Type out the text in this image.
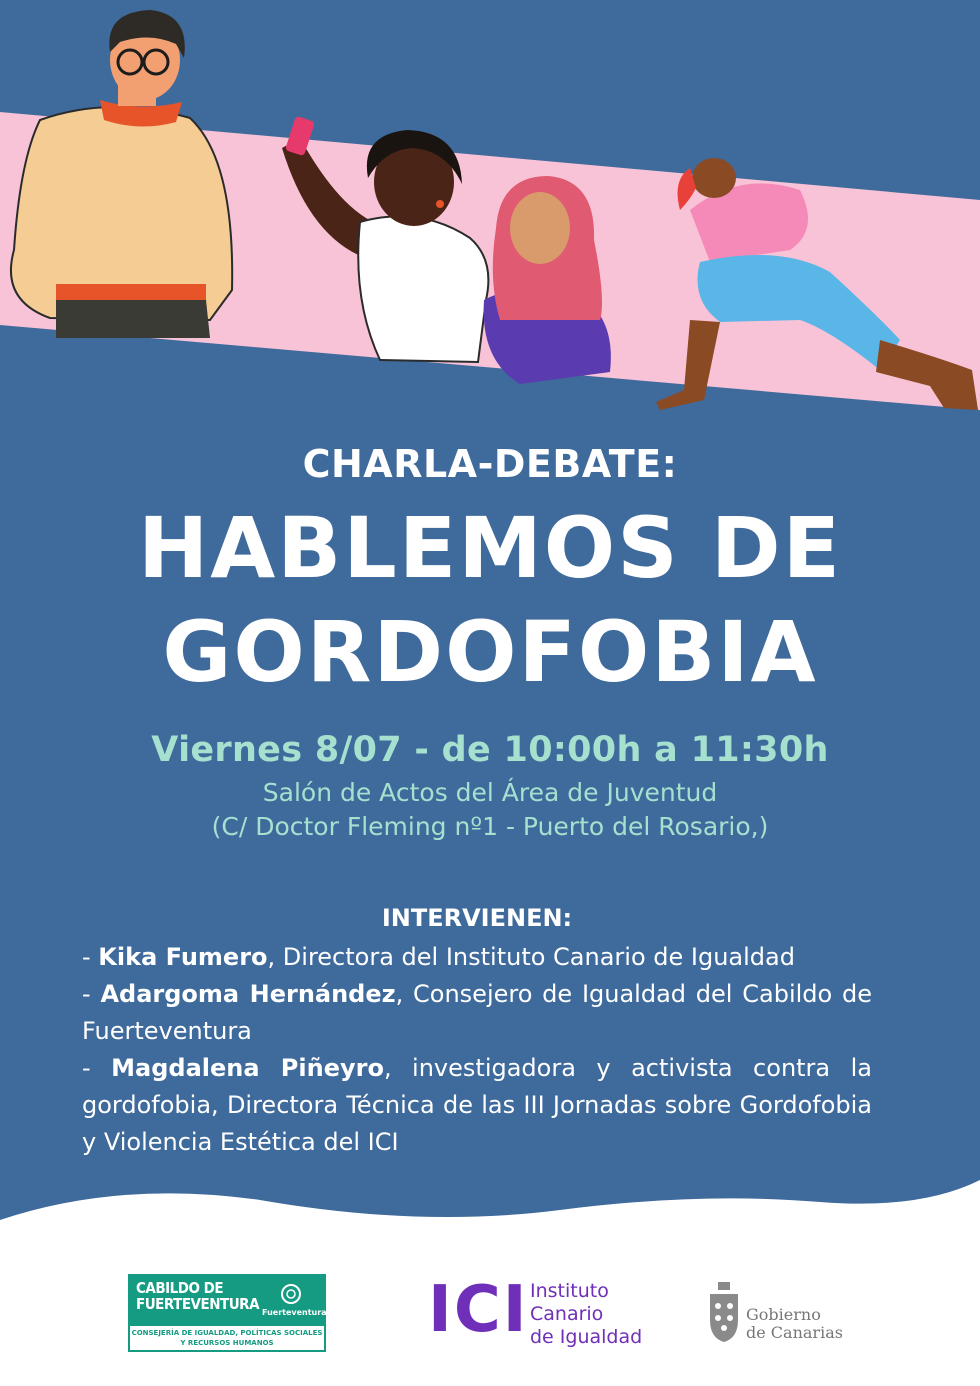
CHARLA-DEBATE:
HABLEMOS DE
GORDOFOBIA
Viernes 8/07 - de 10:00h a 11:30h
Salón de Actos del Área de Juventud
(C/ Doctor Fleming nº1 - Puerto del Rosario,)
INTERVIENEN:

- Kika Fumero, Directora del Instituto Canario de Igualdad

- Adargoma Hernández, Consejero de Igualdad del Cabildo de Fuerteventura

- Magdalena Piñeyro, investigadora y activista contra la gordofobia, Directora Técnica de las III Jornadas sobre Gordofobia y Violencia Estética del ICI

CABILDO DE FUERTEVENTURA Fuerteventura
CONSEJERÍA DE IGUALDAD, POLÍTICAS SOCIALES Y RECURSOS HUMANOS	ICI Instituto
Canario
de Igualdad
Gobierno
de Canarias
